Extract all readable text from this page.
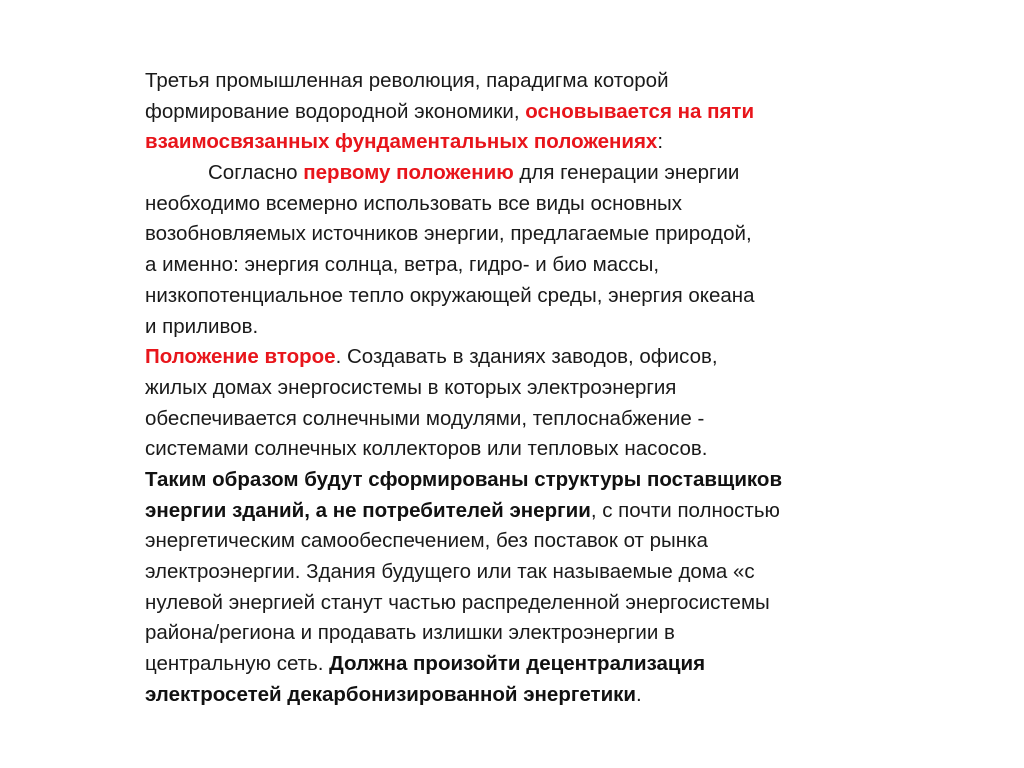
Третья промышленная революция, парадигма которой
формирование водородной экономики, основывается на пяти
взаимосвязанных фундаментальных положениях:
Согласно первому положению для генерации энергии
необходимо всемерно использовать все виды основных
возобновляемых источников энергии, предлагаемые природой,
а именно: энергия солнца, ветра, гидро- и био массы,
низкопотенциальное тепло окружающей среды, энергия океана
и приливов.
Положение второе. Создавать в зданиях заводов, офисов,
жилых домах энергосистемы в которых электроэнергия
обеспечивается солнечными модулями, теплоснабжение -
системами солнечных коллекторов или тепловых насосов.
Таким образом будут сформированы структуры поставщиков
энергии зданий, а не потребителей энергии, с почти полностью
энергетическим самообеспечением, без поставок от рынка
электроэнергии. Здания будущего или так называемые дома «с
нулевой энергией станут частью распределенной энергосистемы
района/региона и продавать излишки электроэнергии в
центральную сеть. Должна произойти децентрализация
электросетей декарбонизированной энергетики.
